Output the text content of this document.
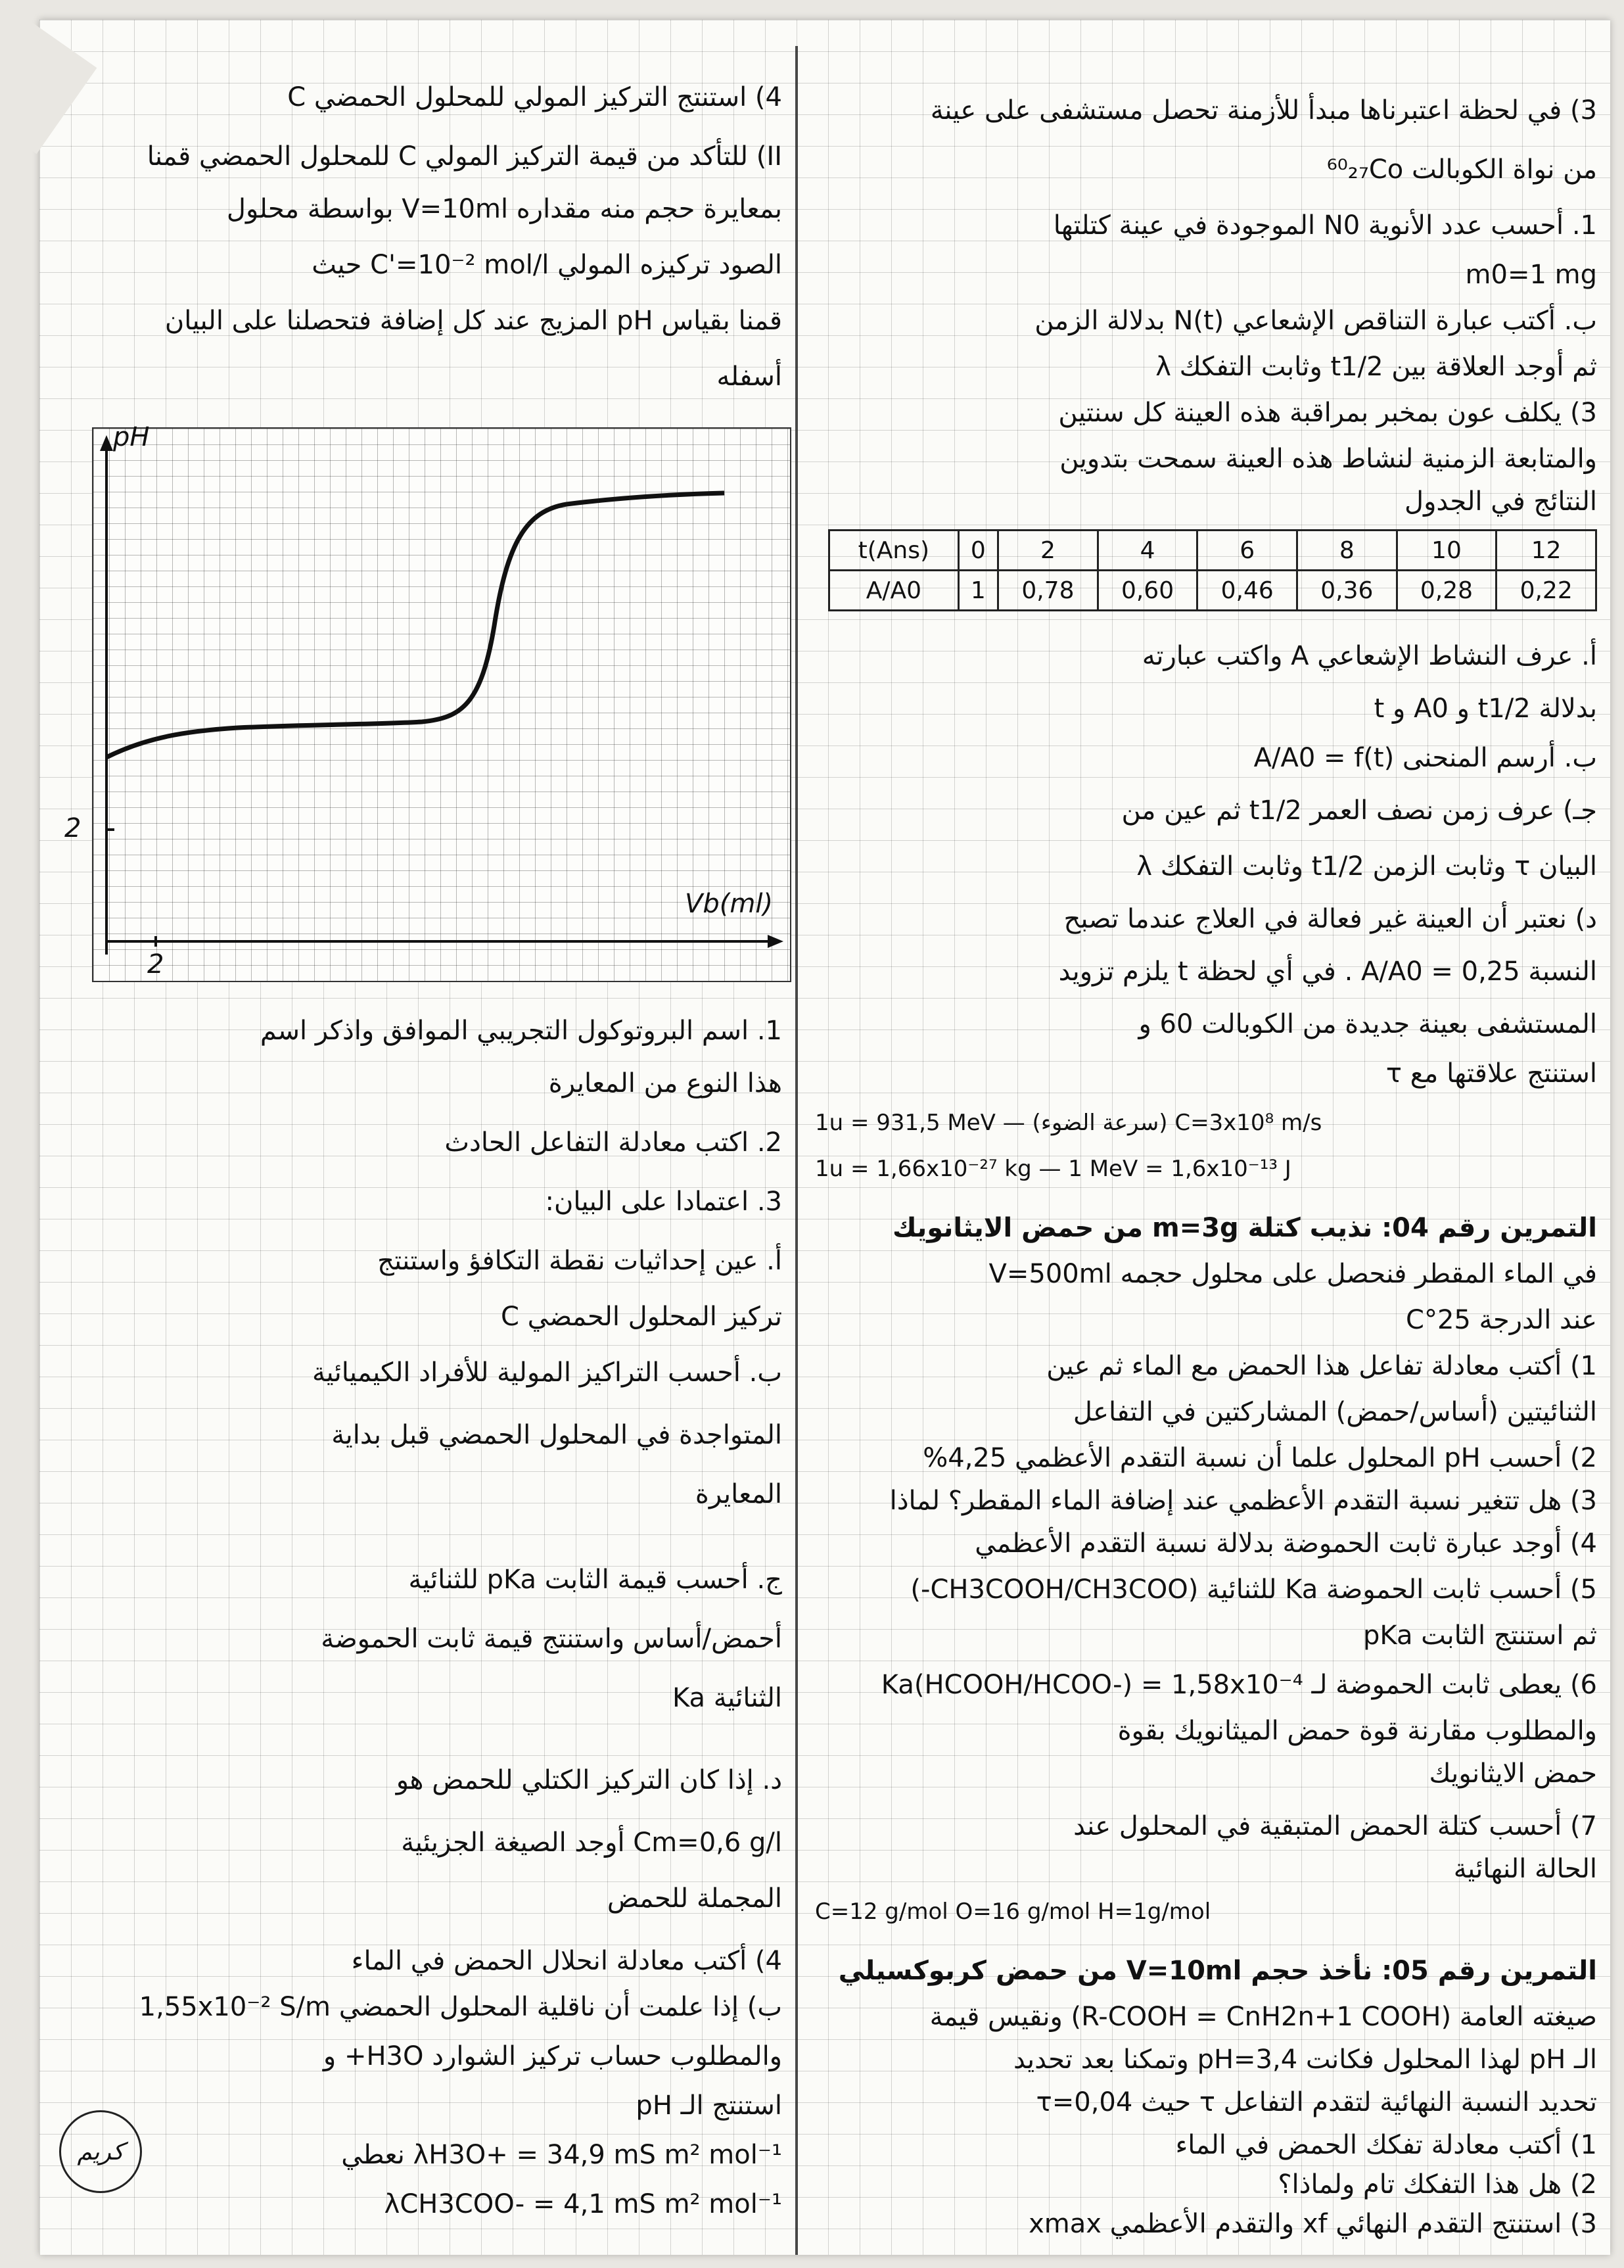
4) استنتج التركيز المولي للمحلول الحمضي C
II) للتأكد من قيمة التركيز المولي C للمحلول الحمضي قمنا
بمعايرة حجم منه مقداره V=10ml بواسطة محلول
الصود تركيزه المولي C'=10⁻² mol/l حيث
قمنا بقياس pH المزيج عند كل إضافة فتحصلنا على البيان
أسفله
pH
Vb(ml)
2
2
1. اسم البروتوكول التجريبي الموافق واذكر اسم
هذا النوع من المعايرة
2. اكتب معادلة التفاعل الحادث
3. اعتمادا على البيان:
أ. عين إحداثيات نقطة التكافؤ واستنتج
تركيز المحلول الحمضي C
ب. أحسب التراكيز المولية للأفراد الكيميائية
المتواجدة في المحلول الحمضي قبل بداية
المعايرة
ج. أحسب قيمة الثابت pKa للثنائية
أحمض/أساس واستنتج قيمة ثابت الحموضة
الثنائية Ka
د. إذا كان التركيز الكتلي للحمض هو
Cm=0,6 g/l أوجد الصيغة الجزيئية
المجملة للحمض
4) أكتب معادلة انحلال الحمض في الماء
ب) إذا علمت أن ناقلية المحلول الحمضي 1,55x10⁻² S/m
والمطلوب حساب تركيز الشوارد H3O+ و
استنتج الـ pH
λH3O+ = 34,9 mS m² mol⁻¹ نعطي
λCH3COO- = 4,1 mS m² mol⁻¹
كريم
3) في لحظة اعتبرناها مبدأ للأزمنة تحصل مستشفى على عينة
من نواة الكوبالت ⁶⁰₂₇Co
1. أحسب عدد الأنوية N0 الموجودة في عينة كتلتها
m0=1 mg
ب. أكتب عبارة التناقص الإشعاعي N(t) بدلالة الزمن
ثم أوجد العلاقة بين t1/2 وثابت التفكك λ
3) يكلف عون بمخبر بمراقبة هذه العينة كل سنتين
والمتابعة الزمنية لنشاط هذه العينة سمحت بتدوين
النتائج في الجدول
t(Ans)	0	2	4	6	8	10	12
A/A0	1	0,78	0,60	0,46	0,36	0,28	0,22
أ. عرف النشاط الإشعاعي A واكتب عبارته
بدلالة t1/2 و A0 و t
ب. أرسم المنحنى A/A0 = f(t)
جـ) عرف زمن نصف العمر t1/2 ثم عين من
البيان τ وثابت الزمن t1/2 وثابت التفكك λ
د) نعتبر أن العينة غير فعالة في العلاج عندما تصبح
النسبة A/A0 = 0,25 . في أي لحظة t يلزم تزويد
المستشفى بعينة جديدة من الكوبالت 60 و
استنتج علاقتها مع τ
1u = 931,5 MeV — (سرعة الضوء) C=3x10⁸ m/s
1u = 1,66x10⁻²⁷ kg — 1 MeV = 1,6x10⁻¹³ J
التمرين رقم 04: نذيب كتلة m=3g من حمض الايثانويك
في الماء المقطر فنحصل على محلول حجمه V=500ml
عند الدرجة 25°C
1) أكتب معادلة تفاعل هذا الحمض مع الماء ثم عين
الثنائيتين (أساس/حمض) المشاركتين في التفاعل
2) أحسب pH المحلول علما أن نسبة التقدم الأعظمي 4,25%
3) هل تتغير نسبة التقدم الأعظمي عند إضافة الماء المقطر؟ لماذا
4) أوجد عبارة ثابت الحموضة بدلالة نسبة التقدم الأعظمي
5) أحسب ثابت الحموضة Ka للثنائية (CH3COOH/CH3COO-)
ثم استنتج الثابت pKa
6) يعطى ثابت الحموضة لـ Ka(HCOOH/HCOO-) = 1,58x10⁻⁴
والمطلوب مقارنة قوة حمض الميثانويك بقوة
حمض الايثانويك
7) أحسب كتلة الحمض المتبقية في المحلول عند
الحالة النهائية
C=12 g/mol O=16 g/mol H=1g/mol
التمرين رقم 05: نأخذ حجم V=10ml من حمض كربوكسيلي
صيغته العامة (R-COOH = CnH2n+1 COOH) ونقيس قيمة
الـ pH لهذا المحلول فكانت pH=3,4 وتمكنا بعد تحديد
تحديد النسبة النهائية لتقدم التفاعل τ حيث τ=0,04
1) أكتب معادلة تفكك الحمض في الماء
2) هل هذا التفكك تام ولماذا؟
3) استنتج التقدم النهائي xf والتقدم الأعظمي xmax
